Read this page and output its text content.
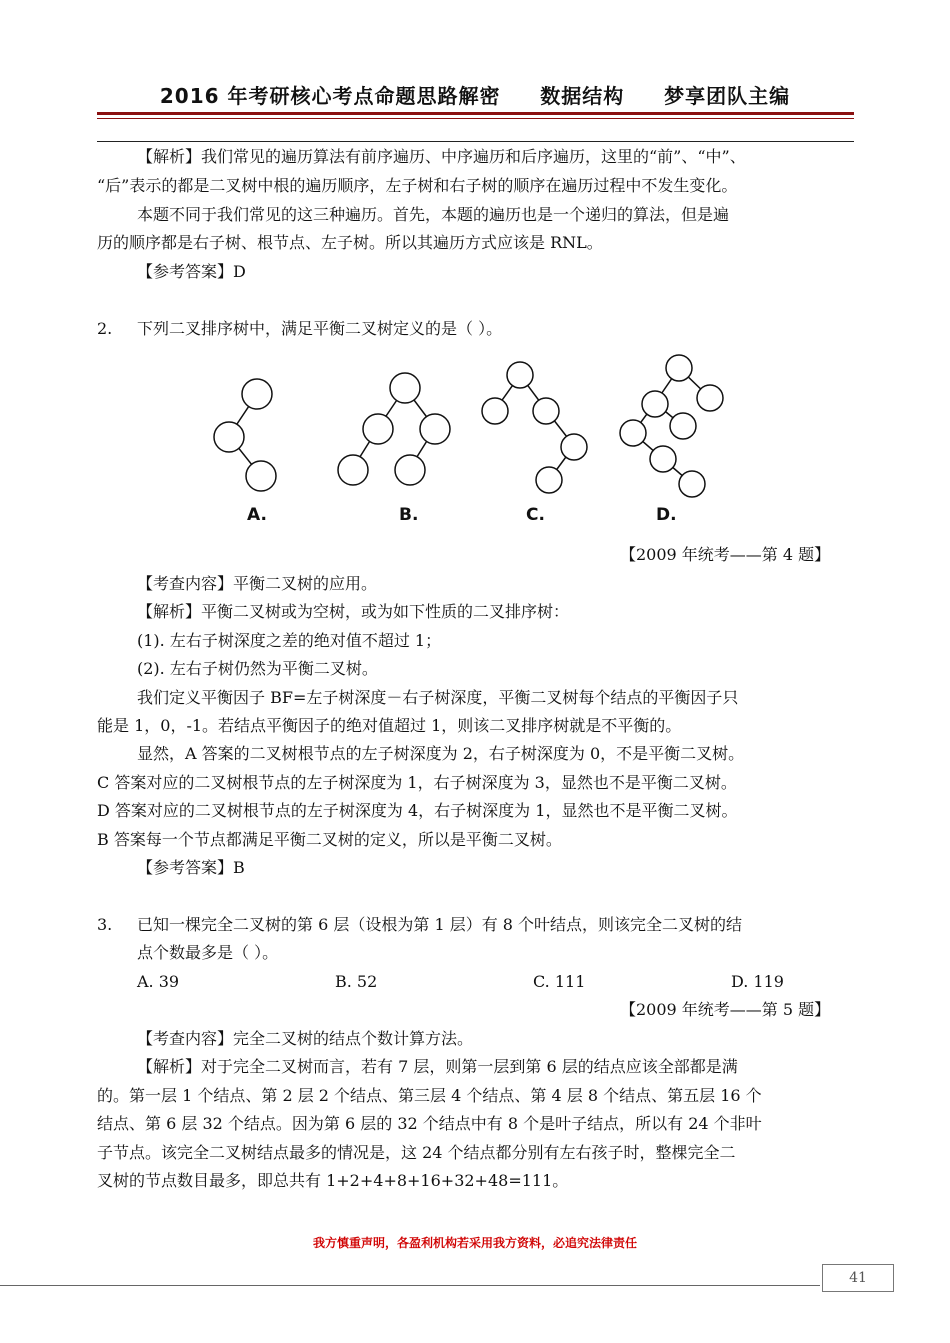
2016 年考研核心考点命题思路解密     数据结构     梦享团队主编
【解析】我们常见的遍历算法有前序遍历、中序遍历和后序遍历，这里的“前”、“中”、
“后”表示的都是二叉树中根的遍历顺序，左子树和右子树的顺序在遍历过程中不发生变化。
本题不同于我们常见的这三种遍历。首先，本题的遍历也是一个递归的算法，但是遍
历的顺序都是右子树、根节点、左子树。所以其遍历方式应该是 RNL。
【参考答案】D
2. 下列二叉排序树中，满足平衡二叉树定义的是（ ）。
A.	B.	C.	D.
【2009 年统考——第 4 题】
【考查内容】平衡二叉树的应用。
【解析】平衡二叉树或为空树，或为如下性质的二叉排序树：
(1). 左右子树深度之差的绝对值不超过 1；
(2). 左右子树仍然为平衡二叉树。
我们定义平衡因子 BF=左子树深度－右子树深度，平衡二叉树每个结点的平衡因子只
能是 1，0，-1。若结点平衡因子的绝对值超过 1，则该二叉排序树就是不平衡的。
显然，A 答案的二叉树根节点的左子树深度为 2，右子树深度为 0，不是平衡二叉树。
C 答案对应的二叉树根节点的左子树深度为 1，右子树深度为 3，显然也不是平衡二叉树。
D 答案对应的二叉树根节点的左子树深度为 4，右子树深度为 1，显然也不是平衡二叉树。
B 答案每一个节点都满足平衡二叉树的定义，所以是平衡二叉树。
【参考答案】B
3. 已知一棵完全二叉树的第 6 层（设根为第 1 层）有 8 个叶结点，则该完全二叉树的结
点个数最多是（ ）。
A. 39	B. 52	C. 111	D. 119
【2009 年统考——第 5 题】
【考查内容】完全二叉树的结点个数计算方法。
【解析】对于完全二叉树而言，若有 7 层，则第一层到第 6 层的结点应该全部都是满
的。第一层 1 个结点、第 2 层 2 个结点、第三层 4 个结点、第 4 层 8 个结点、第五层 16 个
结点、第 6 层 32 个结点。因为第 6 层的 32 个结点中有 8 个是叶子结点，所以有 24 个非叶
子节点。该完全二叉树结点最多的情况是，这 24 个结点都分别有左右孩子时，整棵完全二
叉树的节点数目最多，即总共有 1+2+4+8+16+32+48=111。
我方慎重声明，各盈利机构若采用我方资料，必追究法律责任
41
